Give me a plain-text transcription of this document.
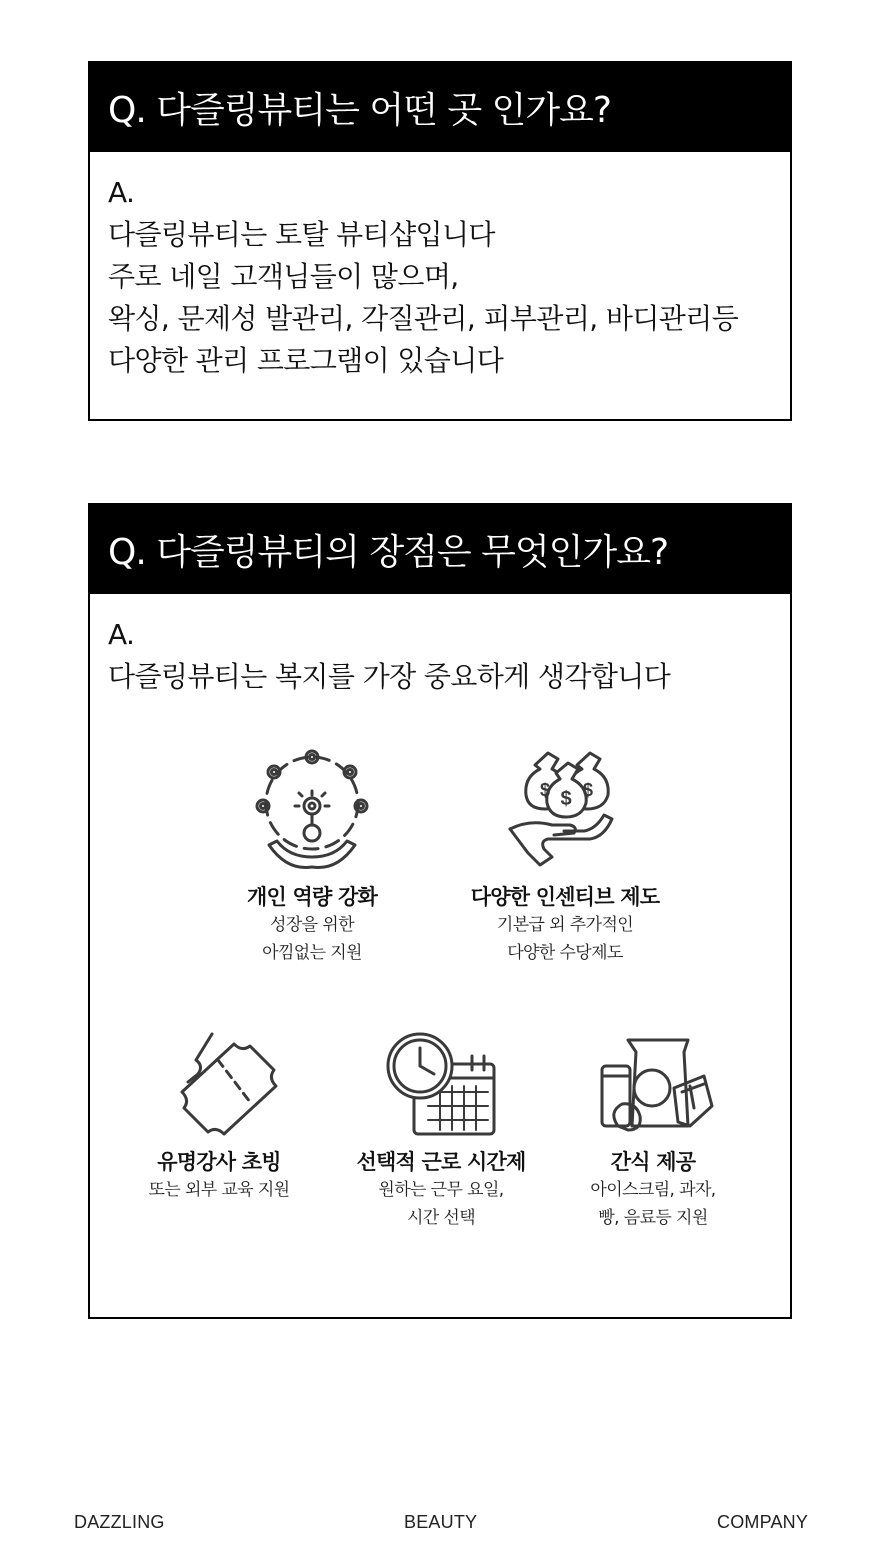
Q. 다즐링뷰티는 어떤 곳 인가요?
A.
다즐링뷰티는 토탈 뷰티샵입니다
주로 네일 고객님들이 많으며,
왁싱, 문제성 발관리, 각질관리, 피부관리, 바디관리등
다양한 관리 프로그램이 있습니다
Q. 다즐링뷰티의 장점은 무엇인가요?
A.
다즐링뷰티는 복지를 가장 중요하게 생각합니다
개인 역량 강화
성장을 위한
아낌없는 지원
$ $
$
다양한 인센티브 제도
기본급 외 추가적인
다양한 수당제도
유명강사 초빙
또는 외부 교육 지원
선택적 근로 시간제
원하는 근무 요일,
시간 선택
간식 제공
아이스크림, 과자,
빵, 음료등 지원
DAZZLING	BEAUTY	COMPANY
